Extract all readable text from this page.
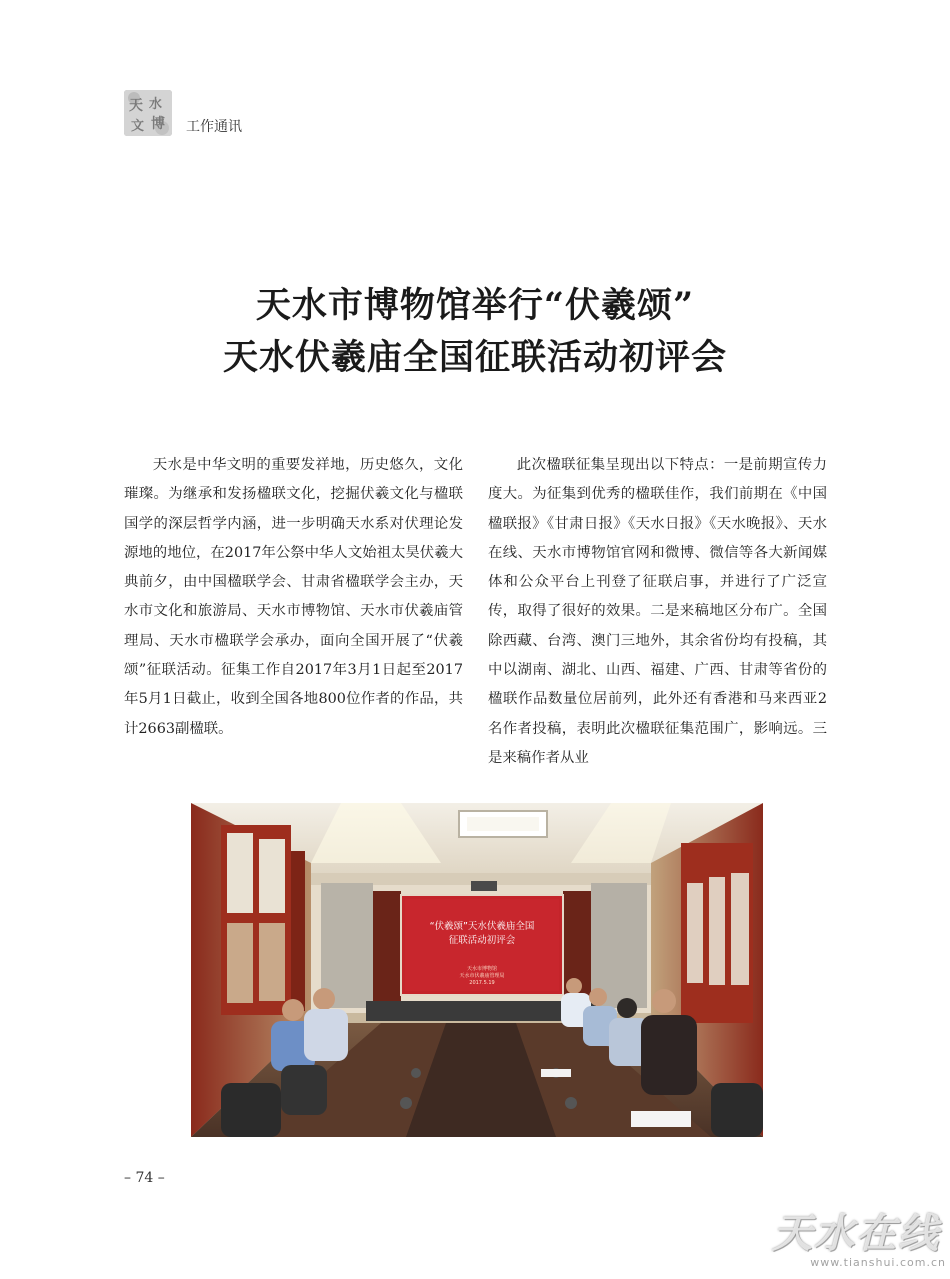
天 水
文 博 工作通讯
天水市博物馆举行“伏羲颂”
天水伏羲庙全国征联活动初评会

天水是中华文明的重要发祥地，历史悠久，文化璀璨。为继承和发扬楹联文化，挖掘伏羲文化与楹联国学的深层哲学内涵，进一步明确天水系对伏理论发源地的地位，在2017年公祭中华人文始祖太昊伏羲大典前夕，由中国楹联学会、甘肃省楹联学会主办，天水市文化和旅游局、天水市博物馆、天水市伏羲庙管理局、天水市楹联学会承办，面向全国开展了“伏羲颂”征联活动。征集工作自2017年3月1日起至2017年5月1日截止，收到全国各地800位作者的作品，共计2663副楹联。

此次楹联征集呈现出以下特点：一是前期宣传力度大。为征集到优秀的楹联佳作，我们前期在《中国楹联报》《甘肃日报》《天水日报》《天水晚报》、天水在线、天水市博物馆官网和微博、微信等各大新闻媒体和公众平台上刊登了征联启事，并进行了广泛宣传，取得了很好的效果。二是来稿地区分布广。全国除西藏、台湾、澳门三地外，其余省份均有投稿，其中以湖南、湖北、山西、福建、广西、甘肃等省份的楹联作品数量位居前列，此外还有香港和马来西亚2名作者投稿，表明此次楹联征集范围广，影响远。三是来稿作者从业

“伏羲颂”天水伏羲庙全国
征联活动初评会
天水市博物馆
天水市伏羲庙管理局
2017.5.19
– 74 –
天水在线
www.tianshui.com.cn
